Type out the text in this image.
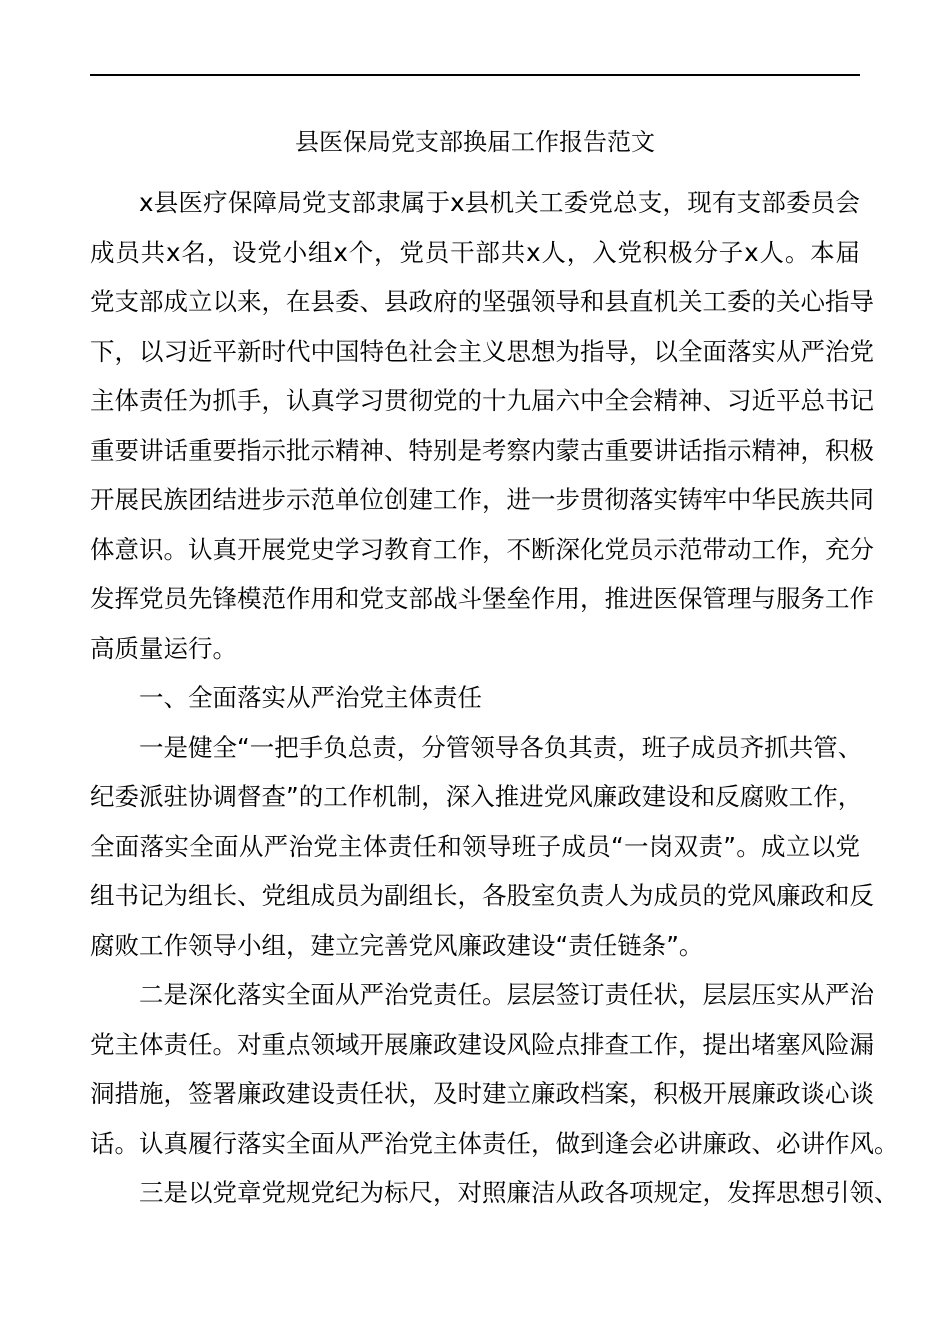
县医保局党支部换届工作报告范文
x县医疗保障局党支部隶属于x县机关工委党总支，现有支部委员会
成员共x名，设党小组x个，党员干部共x人，入党积极分子x人。本届
党支部成立以来，在县委、县政府的坚强领导和县直机关工委的关心指导
下，以习近平新时代中国特色社会主义思想为指导，以全面落实从严治党
主体责任为抓手，认真学习贯彻党的十九届六中全会精神、习近平总书记
重要讲话重要指示批示精神、特别是考察内蒙古重要讲话指示精神，积极
开展民族团结进步示范单位创建工作，进一步贯彻落实铸牢中华民族共同
体意识。认真开展党史学习教育工作，不断深化党员示范带动工作，充分
发挥党员先锋模范作用和党支部战斗堡垒作用，推进医保管理与服务工作
高质量运行。
一、全面落实从严治党主体责任
一是健全“一把手负总责，分管领导各负其责，班子成员齐抓共管、
纪委派驻协调督查”的工作机制，深入推进党风廉政建设和反腐败工作，
全面落实全面从严治党主体责任和领导班子成员“一岗双责”。成立以党
组书记为组长、党组成员为副组长，各股室负责人为成员的党风廉政和反
腐败工作领导小组，建立完善党风廉政建设“责任链条”。
二是深化落实全面从严治党责任。层层签订责任状，层层压实从严治
党主体责任。对重点领域开展廉政建设风险点排查工作，提出堵塞风险漏
洞措施，签署廉政建设责任状，及时建立廉政档案，积极开展廉政谈心谈
话。认真履行落实全面从严治党主体责任，做到逢会必讲廉政、必讲作风。
三是以党章党规党纪为标尺，对照廉洁从政各项规定，发挥思想引领、
